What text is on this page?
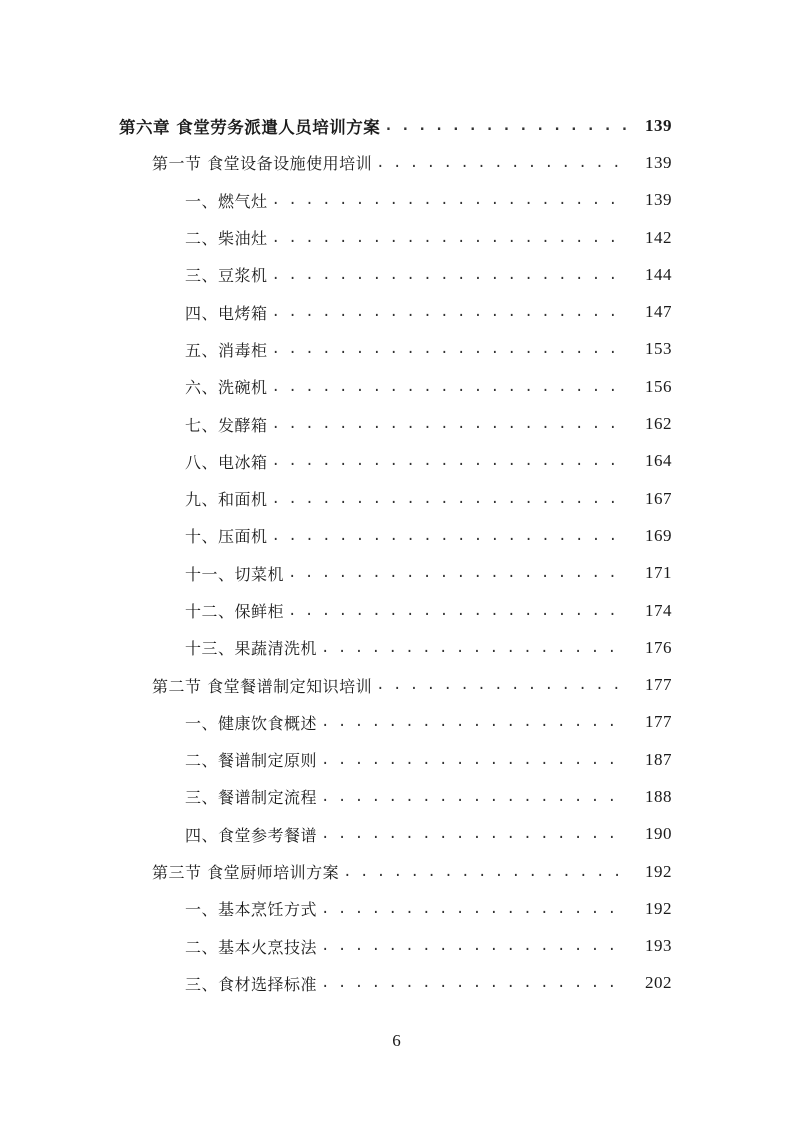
第六章 食堂劳务派遣人员培训方案 . . .	139
第一节 食堂设备设施使用培训 . . .	139
一、燃气灶 . . .	139
二、柴油灶 . . .	142
三、豆浆机 . . .	144
四、电烤箱 . . .	147
五、消毒柜 . . .	153
六、洗碗机 . . .	156
七、发酵箱 . . .	162
八、电冰箱 . . .	164
九、和面机 . . .	167
十、压面机 . . .	169
十一、切菜机 . . .	171
十二、保鲜柜 . . .	174
十三、果蔬清洗机 . . .	176
第二节 食堂餐谱制定知识培训 . . .	177
一、健康饮食概述 . . .	177
二、餐谱制定原则 . . .	187
三、餐谱制定流程 . . .	188
四、食堂参考餐谱 . . .	190
第三节 食堂厨师培训方案 . . .	192
一、基本烹饪方式 . . .	192
二、基本火烹技法 . . .	193
三、食材选择标准 . . .	202
6
